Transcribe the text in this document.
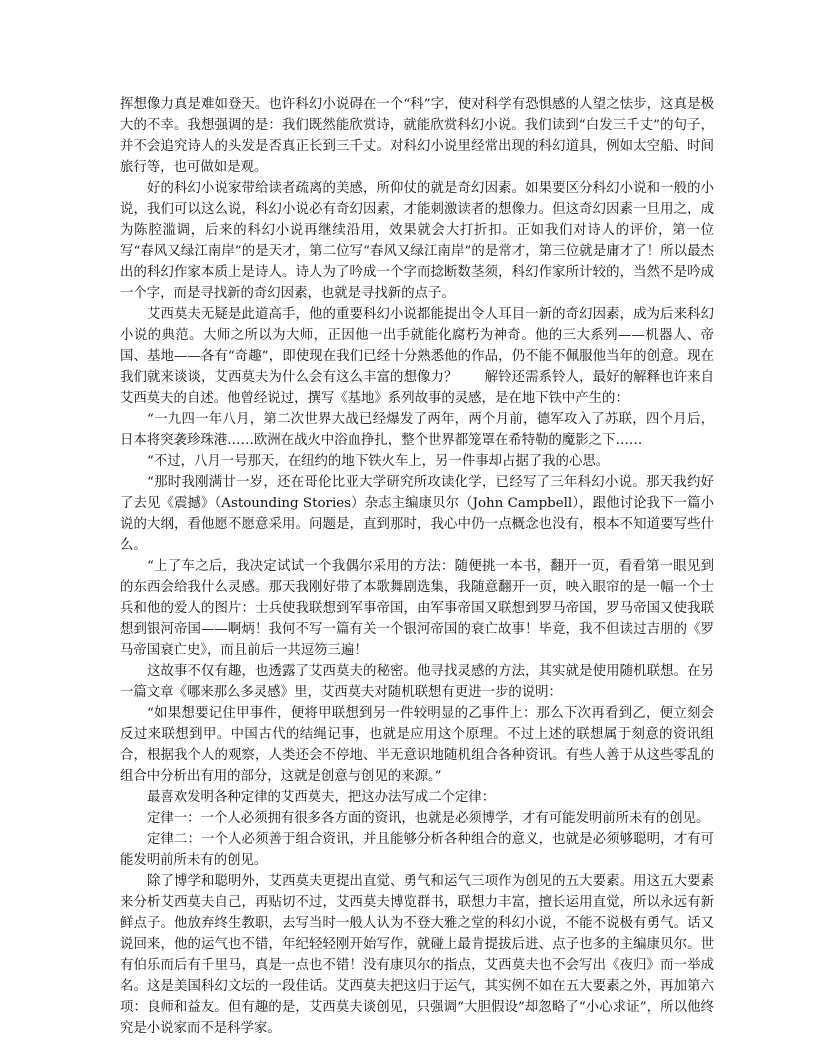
挥想像力真是难如登天。也许科幻小说碍在一个“科”字，使对科学有恐惧感的人望之怯步，这真是极大的不幸。我想强调的是：我们既然能欣赏诗，就能欣赏科幻小说。我们读到“白发三千丈”的句子，并不会追究诗人的头发是否真正长到三千丈。对科幻小说里经常出现的科幻道具，例如太空船、时间旅行等，也可做如是观。

好的科幻小说家带给读者疏离的美感，所仰仗的就是奇幻因素。如果要区分科幻小说和一般的小说，我们可以这么说，科幻小说必有奇幻因素，才能刺激读者的想像力。但这奇幻因素一旦用之，成为陈腔滥调，后来的科幻小说再继续沿用，效果就会大打折扣。正如我们对诗人的评价，第一位写“春风又绿江南岸”的是天才，第二位写“春风又绿江南岸”的是常才，第三位就是庸才了！所以最杰出的科幻作家本质上是诗人。诗人为了吟成一个字而捻断数茎须，科幻作家所计较的，当然不是吟成一个字，而是寻找新的奇幻因素，也就是寻找新的点子。

艾西莫夫无疑是此道高手，他的重要科幻小说都能提出令人耳目一新的奇幻因素，成为后来科幻小说的典范。大师之所以为大师，正因他一出手就能化腐朽为神奇。他的三大系列——机器人、帝国、基地——各有“奇趣”，即使现在我们已经十分熟悉他的作品，仍不能不佩服他当年的创意。现在我们就来谈谈，艾西莫夫为什么会有这么丰富的想像力？　　解铃还需系铃人，最好的解释也许来自艾西莫夫的自述。他曾经说过，撰写《基地》系列故事的灵感，是在地下铁中产生的：

“一九四一年八月，第二次世界大战已经爆发了两年，两个月前，德军攻入了苏联，四个月后，日本将突袭珍珠港……欧洲在战火中浴血挣扎，整个世界都笼罩在希特勒的魔影之下……

“不过，八月一号那天，在纽约的地下铁火车上，另一件事却占据了我的心思。

“那时我刚满廿一岁，还在哥伦比亚大学研究所攻读化学，已经写了三年科幻小说。那天我约好了去见《震撼》（Astounding Stories）杂志主编康贝尔（John Campbell），跟他讨论我下一篇小说的大纲，看他愿不愿意采用。问题是，直到那时，我心中仍一点概念也没有，根本不知道要写些什么。

“上了车之后，我决定试试一个我偶尔采用的方法：随便挑一本书，翻开一页，看看第一眼见到的东西会给我什么灵感。那天我刚好带了本歌舞剧选集，我随意翻开一页，映入眼帘的是一幅一个士兵和他的爱人的图片：士兵使我联想到军事帝国，由军事帝国又联想到罗马帝国，罗马帝国又使我联想到银河帝国——啊炳！我何不写一篇有关一个银河帝国的衰亡故事！毕竟，我不但读过吉朋的《罗马帝国衰亡史》，而且前后一共逗笏三遍！

这故事不仅有趣，也透露了艾西莫夫的秘密。他寻找灵感的方法，其实就是使用随机联想。在另一篇文章《哪来那么多灵感》里，艾西莫夫对随机联想有更进一步的说明：

“如果想要记住甲事件，便将甲联想到另一件较明显的乙事件上：那么下次再看到乙，便立刻会反过来联想到甲。中国古代的结绳记事，也就是应用这个原理。不过上述的联想属于刻意的资讯组合，根据我个人的观察，人类还会不停地、半无意识地随机组合各种资讯。有些人善于从这些零乱的组合中分析出有用的部分，这就是创意与创见的来源。”

最喜欢发明各种定律的艾西莫夫，把这办法写成二个定律：

定律一：一个人必须拥有很多各方面的资讯，也就是必须博学，才有可能发明前所未有的创见。

定律二：一个人必须善于组合资讯，并且能够分析各种组合的意义，也就是必须够聪明，才有可能发明前所未有的创见。

除了博学和聪明外，艾西莫夫更提出直觉、勇气和运气三项作为创见的五大要素。用这五大要素来分析艾西莫夫自己，再贴切不过，艾西莫夫博览群书，联想力丰富，擅长运用直觉，所以永远有新鲜点子。他放弃终生教职，去写当时一般人认为不登大雅之堂的科幻小说，不能不说极有勇气。话又说回来，他的运气也不错，年纪轻轻刚开始写作，就碰上最肯提拔后进、点子也多的主编康贝尔。世有伯乐而后有千里马，真是一点也不错！没有康贝尔的指点，艾西莫夫也不会写出《夜归》而一举成名。这是美国科幻文坛的一段佳话。艾西莫夫把这归于运气，其实例不如在五大要素之外，再加第六项：良师和益友。但有趣的是，艾西莫夫谈创见，只强调“大胆假设”却忽略了“小心求证”，所以他终究是小说家而不是科学家。
